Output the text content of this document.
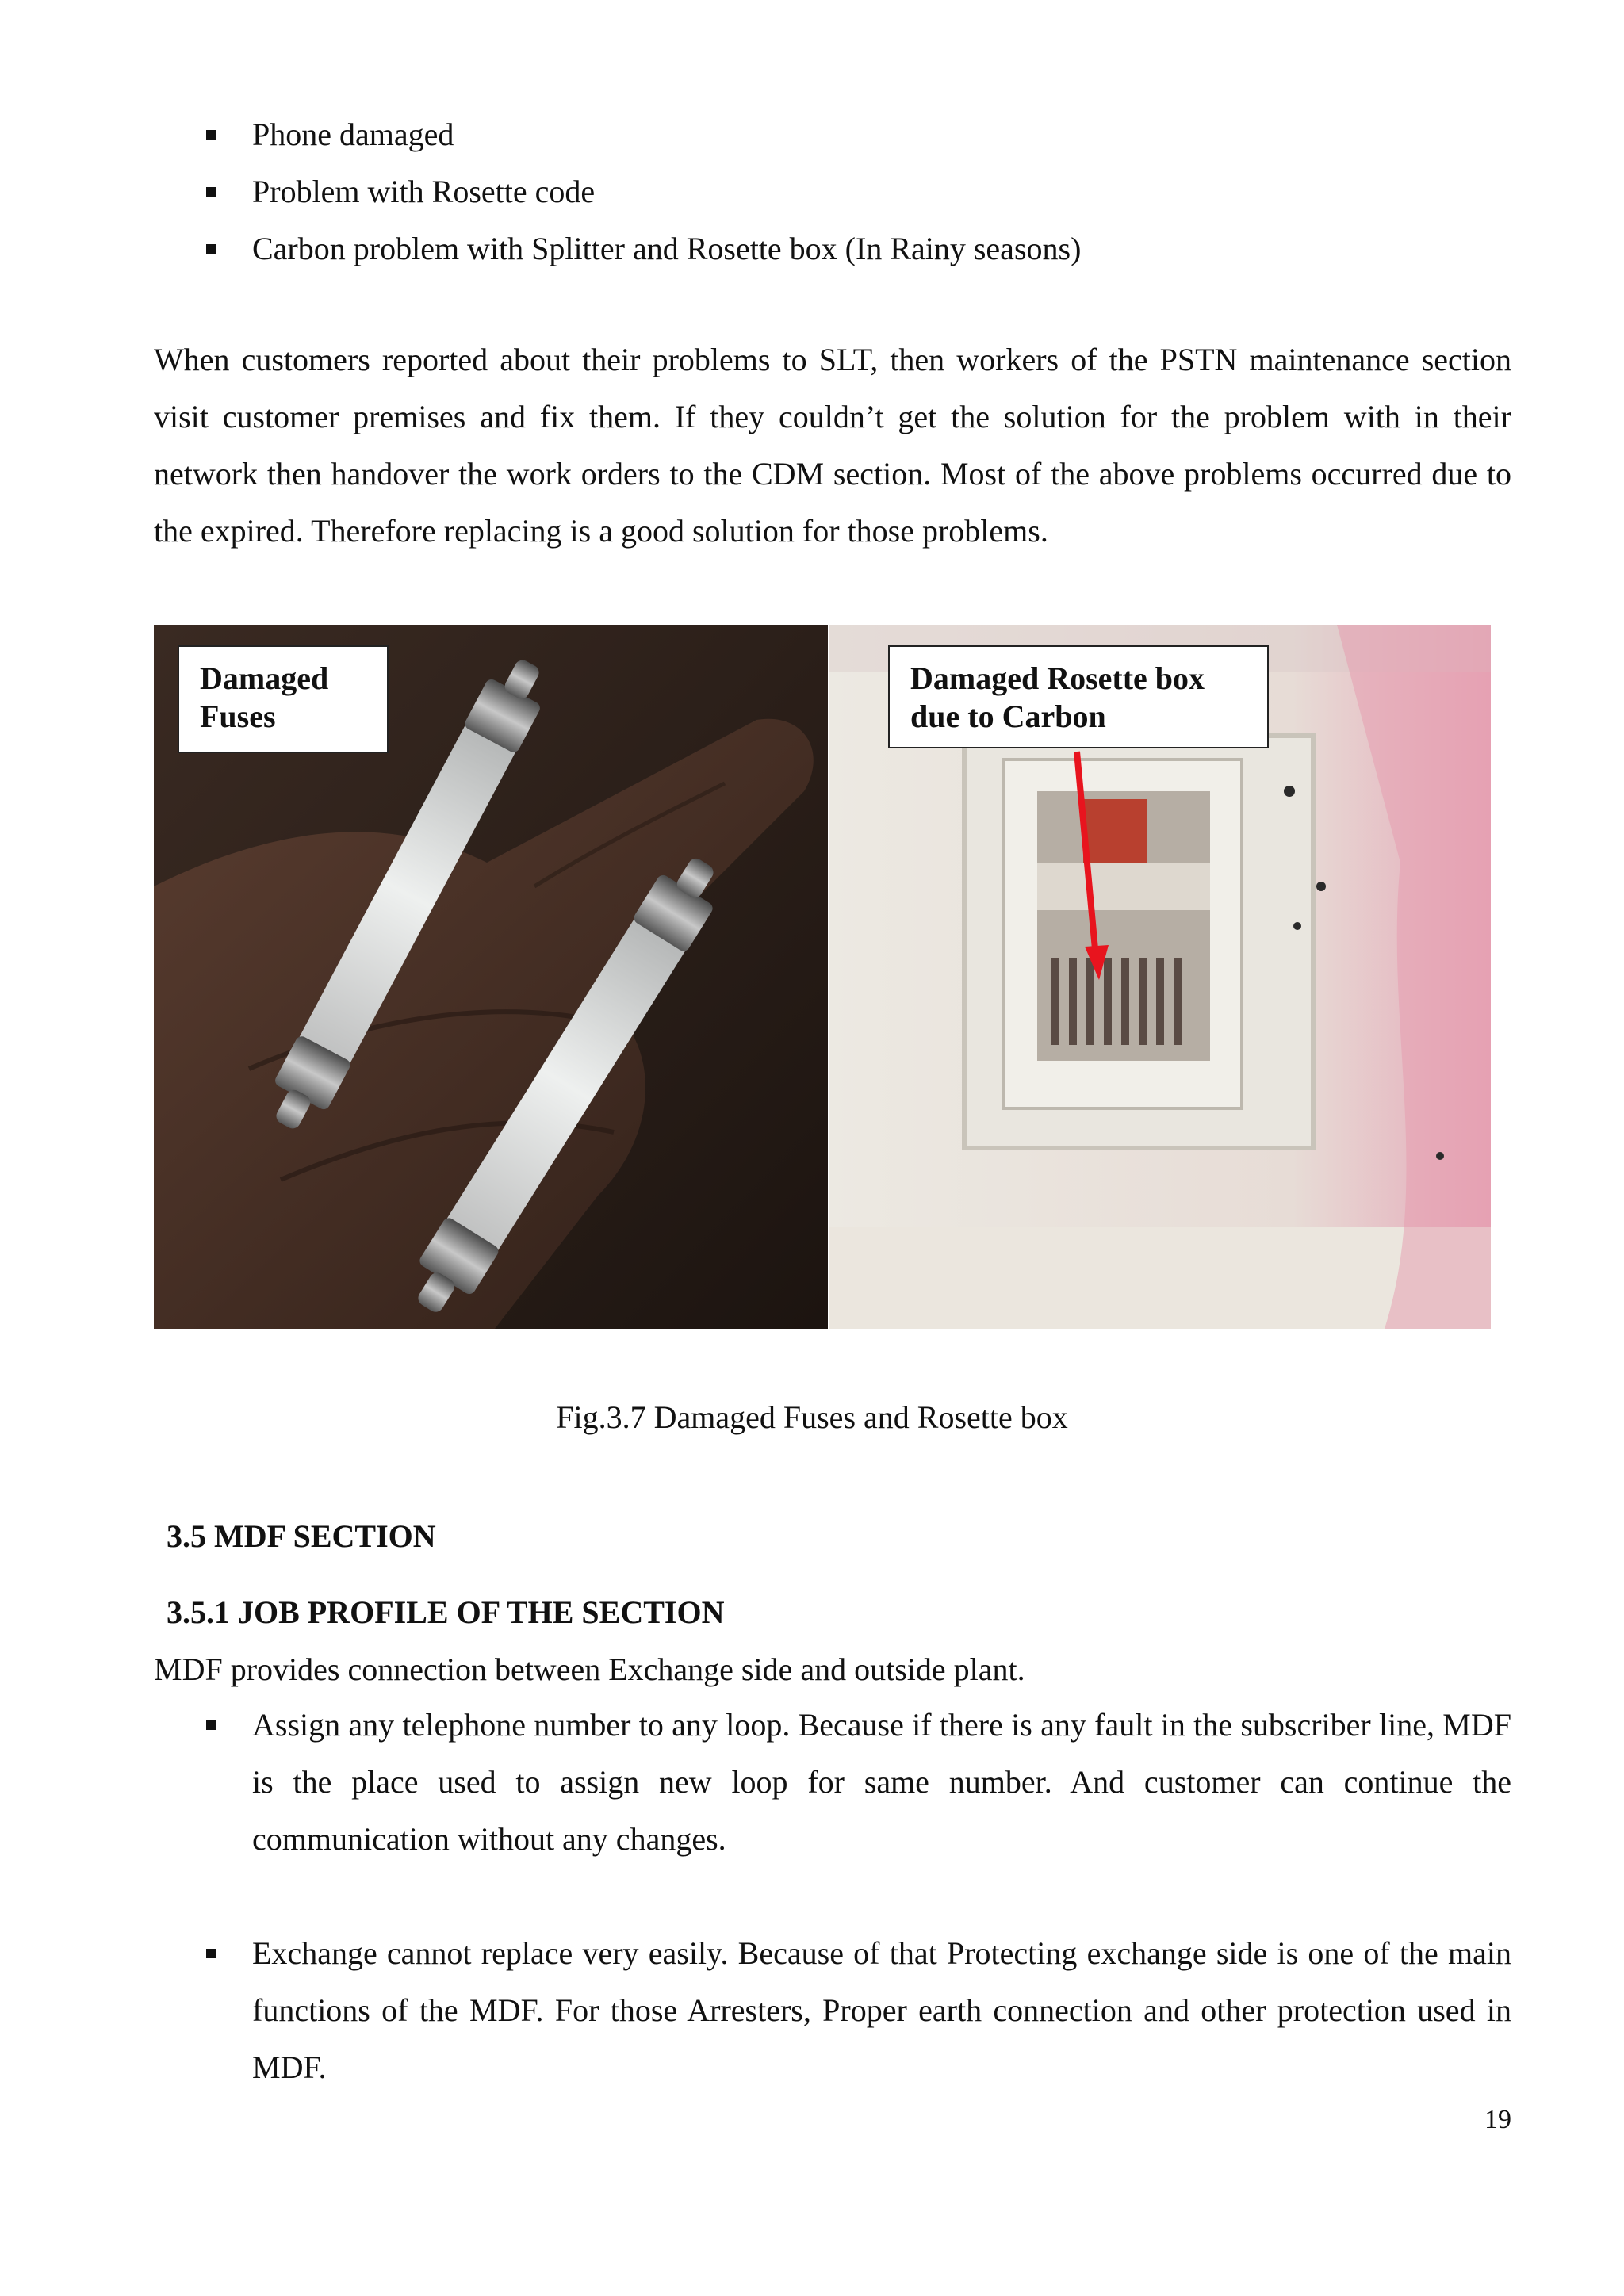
Phone damaged
Problem with Rosette code
Carbon problem with Splitter and Rosette box (In Rainy seasons)

When customers reported about their problems to SLT, then workers of the PSTN maintenance section visit customer premises and fix them. If they couldn’t get the solution for the problem with in their network then handover the work orders to the CDM section. Most of the above problems occurred due to the expired. Therefore replacing is a good solution for those problems.

Damaged Fuses
Damaged Rosette box due to Carbon
Fig.3.7 Damaged Fuses and Rosette box
3.5 MDF SECTION
3.5.1 JOB PROFILE OF THE SECTION
MDF provides connection between Exchange side and outside plant.
Assign any telephone number to any loop. Because if there is any fault in the subscriber line, MDF is the place used to assign new loop for same number. And customer can continue the communication without any changes.
Exchange cannot replace very easily. Because of that Protecting exchange side is one of the main functions of the MDF. For those Arresters, Proper earth connection and other protection used in MDF.
19
